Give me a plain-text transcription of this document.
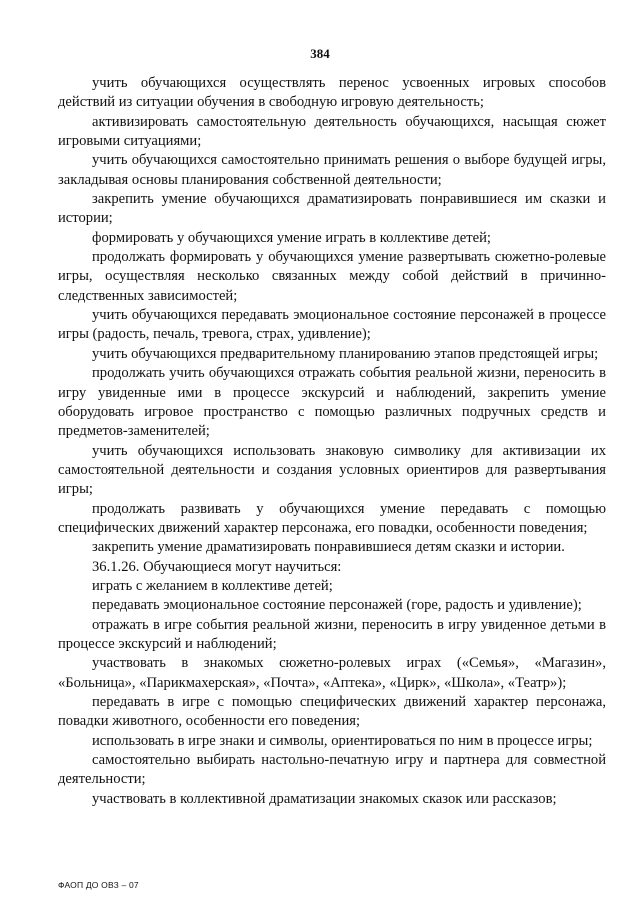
384

учить обучающихся осуществлять перенос усвоенных игровых способов действий из ситуации обучения в свободную игровую деятельность;

активизировать самостоятельную деятельность обучающихся, насыщая сюжет игровыми ситуациями;

учить обучающихся самостоятельно принимать решения о выборе будущей игры, закладывая основы планирования собственной деятельности;

закрепить умение обучающихся драматизировать понравившиеся им сказки и истории;

формировать у обучающихся умение играть в коллективе детей;

продолжать формировать у обучающихся умение развертывать сюжетно-ролевые игры, осуществляя несколько связанных между собой действий в причинно-следственных зависимостей;

учить обучающихся передавать эмоциональное состояние персонажей в процессе игры (радость, печаль, тревога, страх, удивление);

учить обучающихся предварительному планированию этапов предстоящей игры;

продолжать учить обучающихся отражать события реальной жизни, переносить в игру увиденные ими в процессе экскурсий и наблюдений, закрепить умение оборудовать игровое пространство с помощью различных подручных средств и предметов-заменителей;

учить обучающихся использовать знаковую символику для активизации их самостоятельной деятельности и создания условных ориентиров для развертывания игры;

продолжать развивать у обучающихся умение передавать с помощью специфических движений характер персонажа, его повадки, особенности поведения;

закрепить умение драматизировать понравившиеся детям сказки и истории.

36.1.26. Обучающиеся могут научиться:

играть с желанием в коллективе детей;

передавать эмоциональное состояние персонажей (горе, радость и удивление);

отражать в игре события реальной жизни, переносить в игру увиденное детьми в процессе экскурсий и наблюдений;

участвовать в знакомых сюжетно-ролевых играх («Семья», «Магазин», «Больница», «Парикмахерская», «Почта», «Аптека», «Цирк», «Школа», «Театр»);

передавать в игре с помощью специфических движений характер персонажа, повадки животного, особенности его поведения;

использовать в игре знаки и символы, ориентироваться по ним в процессе игры;

самостоятельно выбирать настольно-печатную игру и партнера для совместной деятельности;

участвовать в коллективной драматизации знакомых сказок или рассказов;

ФАОП ДО ОВЗ – 07
